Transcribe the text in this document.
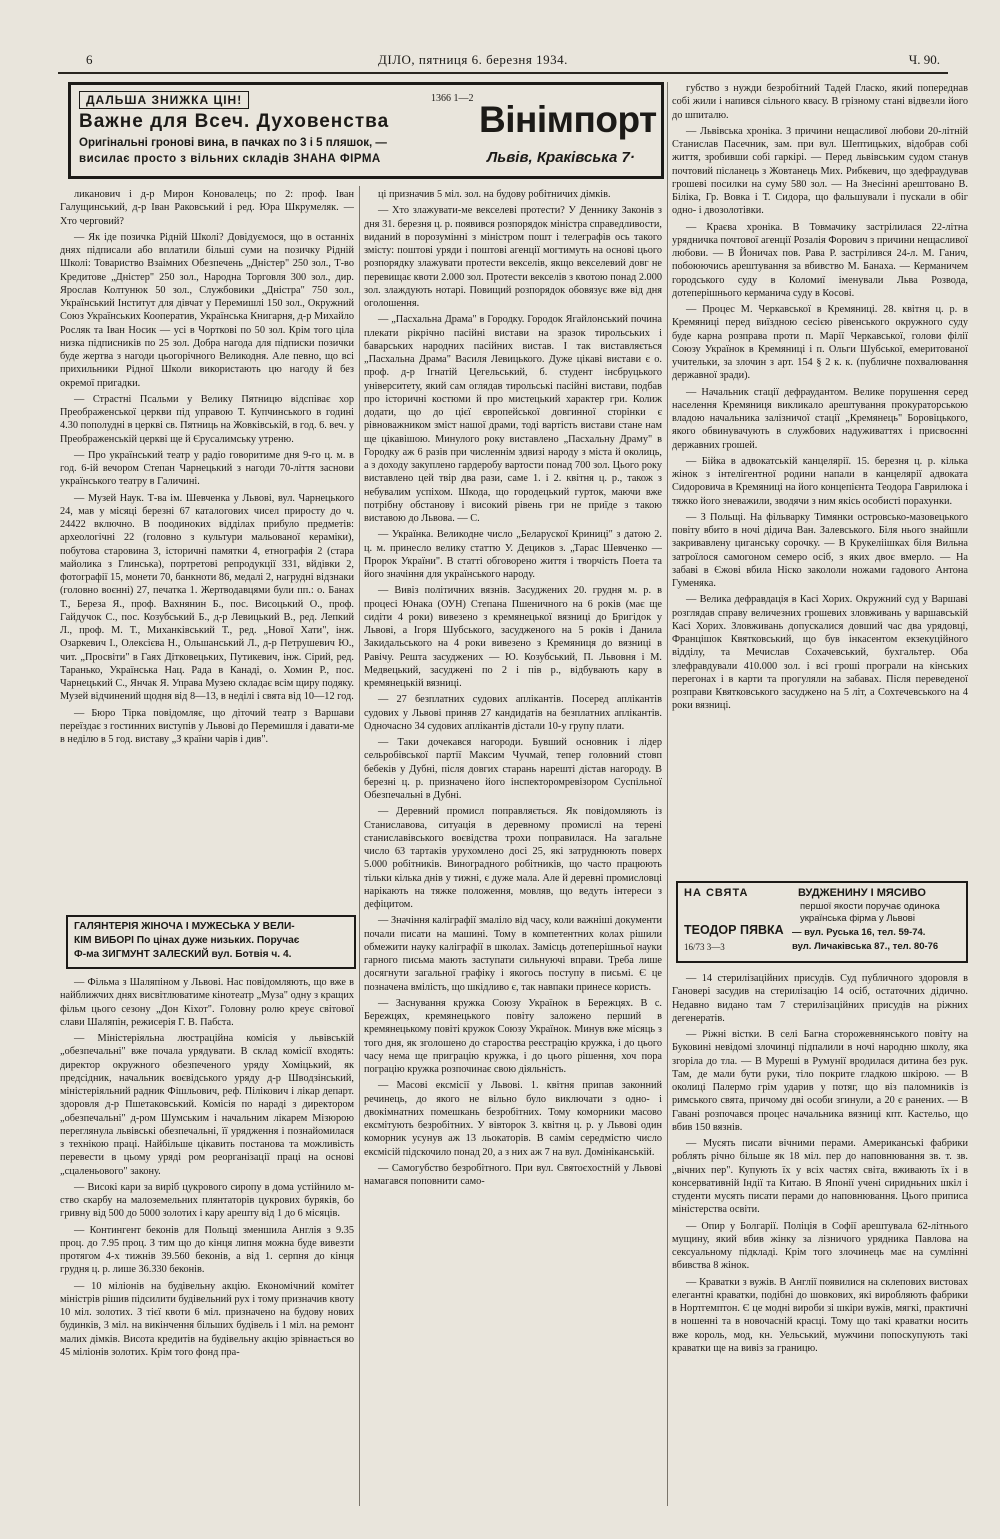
6	ДІЛО, пятниця 6. березня 1934.	Ч. 90.
ДАЛЬША ЗНИЖКА ЦІН!	1366 1—2
Важне для Всеч. Духовенства
Оригінальні гронові вина, в пачках по 3 і 5 пляшок, —
висилає просто з вільних складів ЗНАНА ФІРМА
Вінімпорт
Львів, Краківська 7·

ликанович і д-р Мирон Коновалець; по 2: проф. Іван Галущинський, д-р Іван Раковський і ред. Юра Шкрумеляк. — Хто черговий?

— Як іде позичка Рідній Школі? Довідуємося, що в останніх днях підписали або вплатили більші суми на позичку Рідній Школі: Товариство Взаімних Обезпечень „Дністер" 250 зол., Т-во Кредитове „Дністер" 250 зол., Народна Торговля 300 зол., дир. Ярослав Колтунюк 50 зол., Службовики „Дністра" 750 зол., Український Інститут для дівчат у Перемишлі 150 зол., Окружний Союз Українських Кооператив, Українська Книгарня, д-р Михайло Росляк та Іван Носик — усі в Чорткові по 50 зол. Крім того ціла низка підписників по 25 зол. Добра нагода для підписки позички буде жертва з нагоди цьогорічного Великодня. Але певно, що всі прихильники Рідної Школи використають цю нагоду й без окремої пригадки.

— Страстні Псальми у Велику Пятницю відспіває хор Преображенської церкви під управою Т. Купчинського в годині 4.30 пополудні в церкві св. Пятниць на Жовківській, в год. 6. веч. у Преображенській церкві ще й Єрусалимську утреню.

— Про український театр у радіо говоритиме дня 9-го ц. м. в год. 6-ій вечором Степан Чарнецький з нагоди 70-ліття заснови українського театру в Галичині.

— Музей Наук. Т-ва ім. Шевченка у Львові, вул. Чарнецького 24, мав у місяці березні 67 каталогових чисел приросту до ч. 24422 включно. В поодиноких відділах прибуло предметів: археологічні 22 (головно з культури мальованої кераміки), побутова старовина 3, історичні памятки 4, етнографія 2 (стара майолика з Глинська), портретові репродукції 331, вйдівки 2, фотографії 15, монети 70, банкноти 86, медалі 2, нагрудні відзнаки (головно воєнні) 27, печатка 1. Жертводавцями були пп.: о. Банах Т., Береза Я., проф. Вахнянин Б., пос. Висоцький О., проф. Гайдучок С., пос. Козубський Б., д-р Левицький В., ред. Лепкий Л., проф. М. Т., Миханківський Т., ред. „Нової Хати", інж. Озаркевич І., Олексієва Н., Ольшанський Л., д-р Петрушевич Ю., чит. „Просвіти" в Гаях Дітковецьких, Путикевич, інж. Сірий, ред. Таранько, Українська Нац. Рада в Канаді, о. Хомин Р., пос. Чарнецький С., Янчак Я. Управа Музею складає всім щиру подяку. Музей відчинений щодня від 8—13, в неділі і свята від 10—12 год.

— Бюро Тірка повідомляє, що діточий театр з Варшави переїздає з гостинних виступів у Львові до Перемишля і давати-ме в неділю в 5 год. виставу „З країни чарів і див".

ГАЛЯНТЕРІЯ ЖІНОЧА І МУЖЕСЬКА У ВЕЛИ-
КІМ ВИБОРІ По цінах дуже низьких. Поручає
Ф-ма ЗИГМУНТ ЗАЛЕСКИЙ вул. Ботвія ч. 4.

— Фільма з Шаляпіном у Львові. Нас повідомляють, що вже в найближчих днях висвітлюватиме кінотеатр „Муза" одну з кращих фільм цього сезону „Дон Кіхот". Головну ролю креує світової слави Шаляпін, режисерія Г. В. Пабста.

— Міністеріяльна люстраційна комісія у львівській „обезпечальні" вже почала урядувати. В склад комісії входять: директор окружного обезпеченого уряду Хоміцький, як предсідник, начальник воєвідського уряду д-р Шводзінський, міністеріяльний радник Фішльович, реф. Пілікович і лікар департ. здоровля д-р Пшетаковський. Комісія по нараді з директором „обезпечальні" д-ром Шумським і начальним лікарем Мізюрою переглянула львівські обезпечальні, її урядження і познайомилася з технікою праці. Найбільше цікавить постанова та можливість перевести в цьому уряді ром реорганізації праці на основі „сцаленьового" закону.

— Високі кари за виріб цукрового сиропу в дома устійнило м-ство скарбу на малоземельних плянтаторів цукрових буряків, бо гривну від 500 до 5000 золотих і кару арешту від 1 до 6 місяців.

— Контингент беконів для Польщі зменшила Англія з 9.35 проц. до 7.95 проц. З тим що до кінця липня можна буде вивезти протягом 4-х тижнів 39.560 беконів, а від 1. серпня до кінця грудня ц. р. лише 36.330 беконів.

— 10 міліонів на будівельну акцію. Економічний комітет міністрів рішив підсилити будівельний рух і тому призначив квоту 10 міл. золотих. З тієї квоти 6 міл. призначено на будову нових будинків, 3 міл. на викінчення більших будівель і 1 міл. на ремонт малих дімків. Висота кредитів на будівельну акцію зрівнається во 45 міліонів золотих. Крім того фонд пра-

ці призначив 5 міл. зол. на будову робітничих дімків.

— Хто злажувати-ме векселеві протести? У Деннику Законів з дня 31. березня ц. р. появився розпорядок міністра справедливости, виданий в порозумінні з міністром пошт і телеграфів ось такого змісту: поштові уряди і поштові агенції могтимуть на основі цього розпорядку злажувати протести векселів, якщо векселевий довг не перевищає квоти 2.000 зол. Протести векселів з квотою понад 2.000 зол. злаждують нотарі. Повищий розпорядок обовязує вже від дня оголошення.

— „Пасхальна Драма" в Городку. Городок Ягайлонський почина плекати рікрічно пасійні вистави на зразок тирольських і баварських народних пасійних вистав. І так виставляється „Пасхальна Драма" Василя Левицького. Дуже цікаві вистави є о. проф. д-р Ігнатій Цегельський, б. студент інсбруцького університету, який сам оглядав тирольські пасійні вистави, подбав про історичні костюми й про мистецький характер гри. Колиж додати, що до цієї європейської довгинної сторінки є рівноважником зміст нашої драми, тоді вартість вистави стане нам ще цікавішою. Минулого року виставлено „Пасхальну Драму" в Городку аж 6 разів при численнім здвизі народу з міста й околиць, а з доходу закуплено гардеробу вартости понад 700 зол. Цього року виставлено цей твір два рази, саме 1. і 2. квітня ц. р., також з небувалим успіхом. Шкода, що городецький гурток, маючи вже потрібну обстанову і високий рівень гри не приїде з такою виставою до Львова. — С.

— Українка. Великодне число „Беларускої Криниці" з датою 2. ц. м. принесло велику статтю У. Дециков з. „Тарас Шевченко — Пророк України". В статті обговорено життя і творчість Поета та його значіння для українського народу.

— Вивіз політичних вязнів. Засуджених 20. грудня м. р. в процесі Юнака (ОУН) Степана Пшеничного на 6 років (має ще сидіти 4 роки) вивезено з кремянецької вязниці до Бригідок у Львові, а Ігоря Шубського, засудженого на 5 років і Данила Закидальського на 4 роки вивезено з Кремяниця до вязниці в Равічу. Решта засуджених — Ю. Козубський, П. Львовня і М. Медвецький, засуджені по 2 і пів р., відбувають кару в кремянецькій вязниці.

— 27 безплатних судових аплікантів. Посеред аплікантів судових у Львові приняв 27 кандидатів на безплатних аплікантів. Одночасно 34 судових аплікантів дістали 10-у групу плати.

— Таки дочекався нагороди. Бувший основник і лідер сельробівської партії Максим Чучмай, тепер головний стовп бебеків у Дубні, після довгих старань нарешті дістав нагороду. В березні ц. р. призначено його інспекторомревізором Суспільної Обезпечальні в Дубні.

— Деревний промисл поправляється. Як повідомляють із Станиславова, ситуація в деревному промислі на терені станиславівського воєвідства трохи поправилася. На загальне число 63 тартаків урухомлено досі 25, які затруднюють поверх 5.000 робітників. Виноградного робітників, що часто працюють тільки кілька днів у тижні, є дуже мала. Але й деревні промисловці нарікають на тяжке положення, мовляв, що ведуть інтереси з дефіцитом.

— Значіння каліграфії змаліло від часу, коли важніші документи почали писати на машині. Тому в компетентних колах рішили обмежити науку каліграфії в школах. Замісць дотеперішньої науки гарного письма мають заступати сильнуючі вправи. Треба лише досягнути загальної графіку і якогось поступу в письмі. Є це позначена вмілість, що шкідливо є, так навпаки принесе користь.

— Заснування кружка Союзу Українок в Бережцях. В с. Бережцях, кремянецького повіту заложено перший в кремянецькому повіті кружок Союзу Українок. Минув вже місяць з того дня, як зголошено до староства реєстрацію кружка, і до цього часу нема ще приграцію кружка, і до цього рішення, хоч пора пограцію кружка розпочинає свою діяльність.

— Масові ексмісії у Львові. 1. квітня припав законний речинець, до якого не вільно було виключати з одно- і двокімнатних помешкань безробітних. Тому коморники масово ексмітують безробітних. У вівторок 3. квітня ц. р. у Львові один коморник усунув аж 13 льокаторів. В самім середмістю число ексмісій підскочило понад 20, а з них аж 7 на вул. Домініканській.

— Самогубство безробітного. При вул. Святоєхостній у Львові намагався поповнити само-

губство з нужди безробітний Тадей Гласко, який попереднав собі жили і напився сільного квасу. В грізному стані відвезли його до шпиталю.

— Львівська хроніка. З причини нещасливої любови 20-літній Станислав Пасечник, зам. при вул. Шептицьких, відобрав собі життя, зробивши собі гаркірі. — Перед львівським судом станув почтовий післанець з Жовтанець Мих. Рибкевич, що здефраудував грошеві посилки на суму 580 зол. — На Знесінні арештовано В. Біліка, Гр. Вовка і Т. Сидора, що фальшували і пускали в обіг одно- і двозолотівки.

— Краєва хроніка. В Товмачику застрілилася 22-літна урядничка почтової агенції Розалія Форович з причини нещасливої любови. — В Йоничах пов. Рава Р. застрілився 24-л. М. Ганич, побоюючись арештування за вбивство М. Банаха. — Керманичем городського суду в Коломиї іменували Льва Розвода, дотеперішнього керманича суду в Косові.

— Процес М. Черкавської в Кремяниці. 28. квітня ц. р. в Кремяниці перед виїздною сесією рівенського окружного суду буде карна розправа проти п. Марії Черкавської, голови філії Союзу Українок в Кремяниці і п. Ольги Шубської, емеритованої учительки, за злочин з арт. 154 § 2 к. к. (публичне похвалювання державної зради).

— Начальник стації дефраудантом. Велике порушення серед населення Кремяниця викликало арештування прокураторською владою начальника залізничої стації „Кремянець" Боровіцького, якого обвинувачують в службових надуживаттях і присвоєнні державних грошей.

— Бійка в адвокатській канцелярії. 15. березня ц. р. кілька жінок з інтелігентної родини напали в канцелярії адвоката Сидоровича в Кремяниці на його концепієнта Теодора Гаврилюка і тяжко його зневажили, зводячи з ним якісь особисті порахунки.

— З Польщі. На фільварку Тимянки островсько-мазовецького повіту вбито в ночі дідича Ван. Залевського. Біля нього знайшли закривавлену циганську сорочку. — В Крукеліішках біля Вильна затроїлося самогоном семеро осіб, з яких двоє вмерло. — На забаві в Єжові вбила Ніско закололи ножами гадового Антона Гуменяка.

— Велика дефравдація в Касі Хорих. Окружний суд у Варшаві розглядав справу величезних грошевих зловживань у варшавській Касі Хорих. Зловживань допускалися довший час два урядовці, Францішок Квятковський, що був інкасентом екзекуційного відділу, та Мечислав Сохачевський, бухгальтер. Оба злефравдували 410.000 зол. і всі гроші програли на кінських перегонах і в карти та прогуляли на забавах. Після переведеної розправи Квятковського засуджено на 5 літ, а Сохтечевського на 4 роки вязниці.

НА СВЯТА	ВУДЖЕНИНУ І МЯСИВО
першої якости поручає одинока
українська фірма у Львові
ТЕОДОР ПЯВКА
16/73 3—3
— вул. Руська 16, тел. 59-74.
вул. Личаківська 87., тел. 80-76

— 14 стерилізаційних присудів. Суд публичного здоровля в Гановері засудив на стерилізацію 14 осіб, остаточних дідично. Недавно видано там 7 стерилізаційних присудів на ріжних дегенератів.

— Ріжні вістки. В селі Багна сторожевнянського повіту на Буковині невідомі злочинці підпалили в ночі народню школу, яка згоріла до тла. — В Муреші в Румунії вродилася дитина без рук. Там, де мали бути руки, тіло покрите гладкою шкірою. — В околиці Палермо грім ударив у потяг, що віз паломників із римського свята, причому дві особи згинули, а 20 є ранених. — В Гавані розпочався процес начальника вязниці кпт. Кастельо, що вбив 150 вязнів.

— Мусять писати вічними перами. Американські фабрики роблять річно більше як 18 міл. пер до наповнювання зв. т. зв. „вічних пер". Купують їх у всіх частях світа, вживають їх і в консервативній Індії та Китаю. В Японії учені сиридньних шкіл і студенти мусять писати перами до наповнювання. Цього приписа міністерства освіти.

— Опир у Болгарії. Поліція в Софії арештувала 62-літнього мущину, який вбив жінку за лізничого урядника Павлова на сексуальному підкладі. Крім того злочинець має на сумлінні вбивства 8 жінок.

— Краватки з вужів. В Англії появилися на склепових вистовах елегантні краватки, подібні до шовкових, які виробляють фабрики в Нортгемптон. Є це модні вироби зі шкіри вужів, мягкі, практичні в ношенні та в новочасній красці. Тому що такі краватки носить вже король, мод, кн. Уельський, мужчини попоскупують такі краватки ще на вивіз за границю.
